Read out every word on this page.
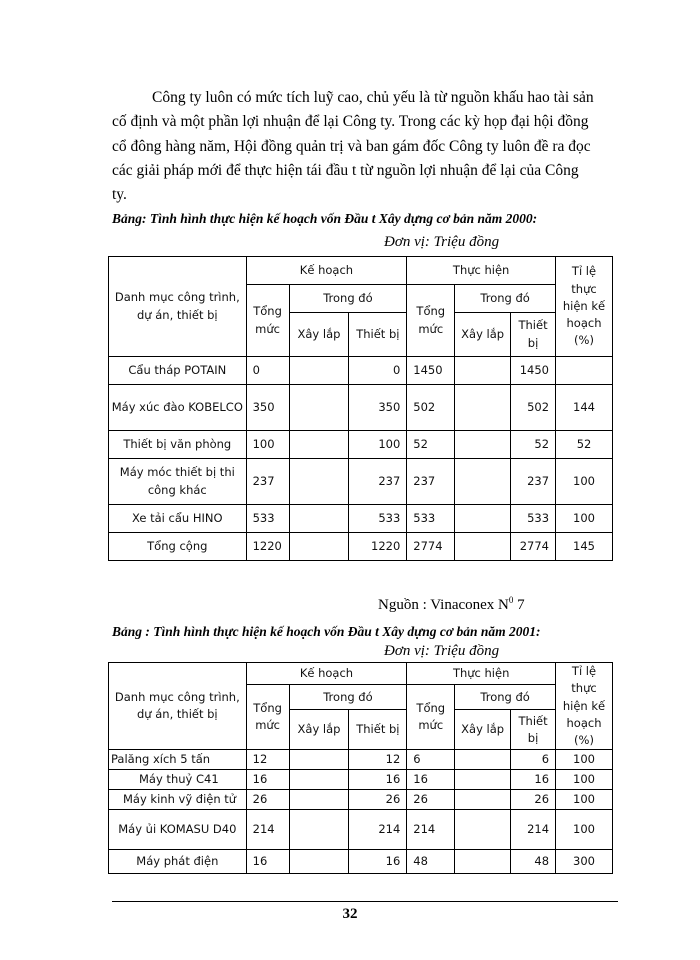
Công ty luôn có mức tích luỹ cao, chủ yếu là từ nguồn khấu hao tài sản
cố định và một phần lợi nhuận để lại Công ty. Trong các kỳ họp đại hội đồng
cổ đông hàng năm, Hội đồng quản trị và ban gám đốc Công ty luôn đề ra đọc
các giải pháp mới để thực hiện tái đầu t từ nguồn lợi nhuận để lại của Công
ty.
Bảng: Tình hình thực hiện kế hoạch vốn Đầu t Xây dựng cơ bản năm 2000:
Đơn vị: Triệu đồng
Danh mục công trình, dự án, thiết bị	Kế hoạch			Thực hiện			Tỉ lệ thực hiện kế hoạch (%)
	Tổng mức	Trong đó		Tổng mức	Trong đó		
		Xây lắp	Thiết bị		Xây lắp	Thiết bị	
Cẩu tháp POTAIN	0		0	1450		1450	
Máy xúc đào KOBELCO	350		350	502		502	144
Thiết bị văn phòng	100		100	52		52	52
Máy móc thiết bị thi công khác	237		237	237		237	100
Xe tải cẩu HINO	533		533	533		533	100
Tổng cộng	1220		1220	2774		2774	145
Nguồn : Vinaconex $N^0$ 7
Bảng : Tình hình thực hiện kế hoạch vốn Đầu t Xây dựng cơ bản năm 2001:
Đơn vị: Triệu đồng
Danh mục công trình, dự án, thiết bị	Kế hoạch			Thực hiện			Tỉ lệ thực hiện kế hoạch (%)
	Tổng mức	Trong đó		Tổng mức	Trong đó		
		Xây lắp	Thiết bị		Xây lắp	Thiết bị	
Palăng xích 5 tấn	12		12	6		6	100
Máy thuỷ C41	16		16	16		16	100
Máy kinh vỹ điện tử	26		26	26		26	100
Máy ủi KOMASU D40	214		214	214		214	100
Máy phát điện	16		16	48		48	300
32
